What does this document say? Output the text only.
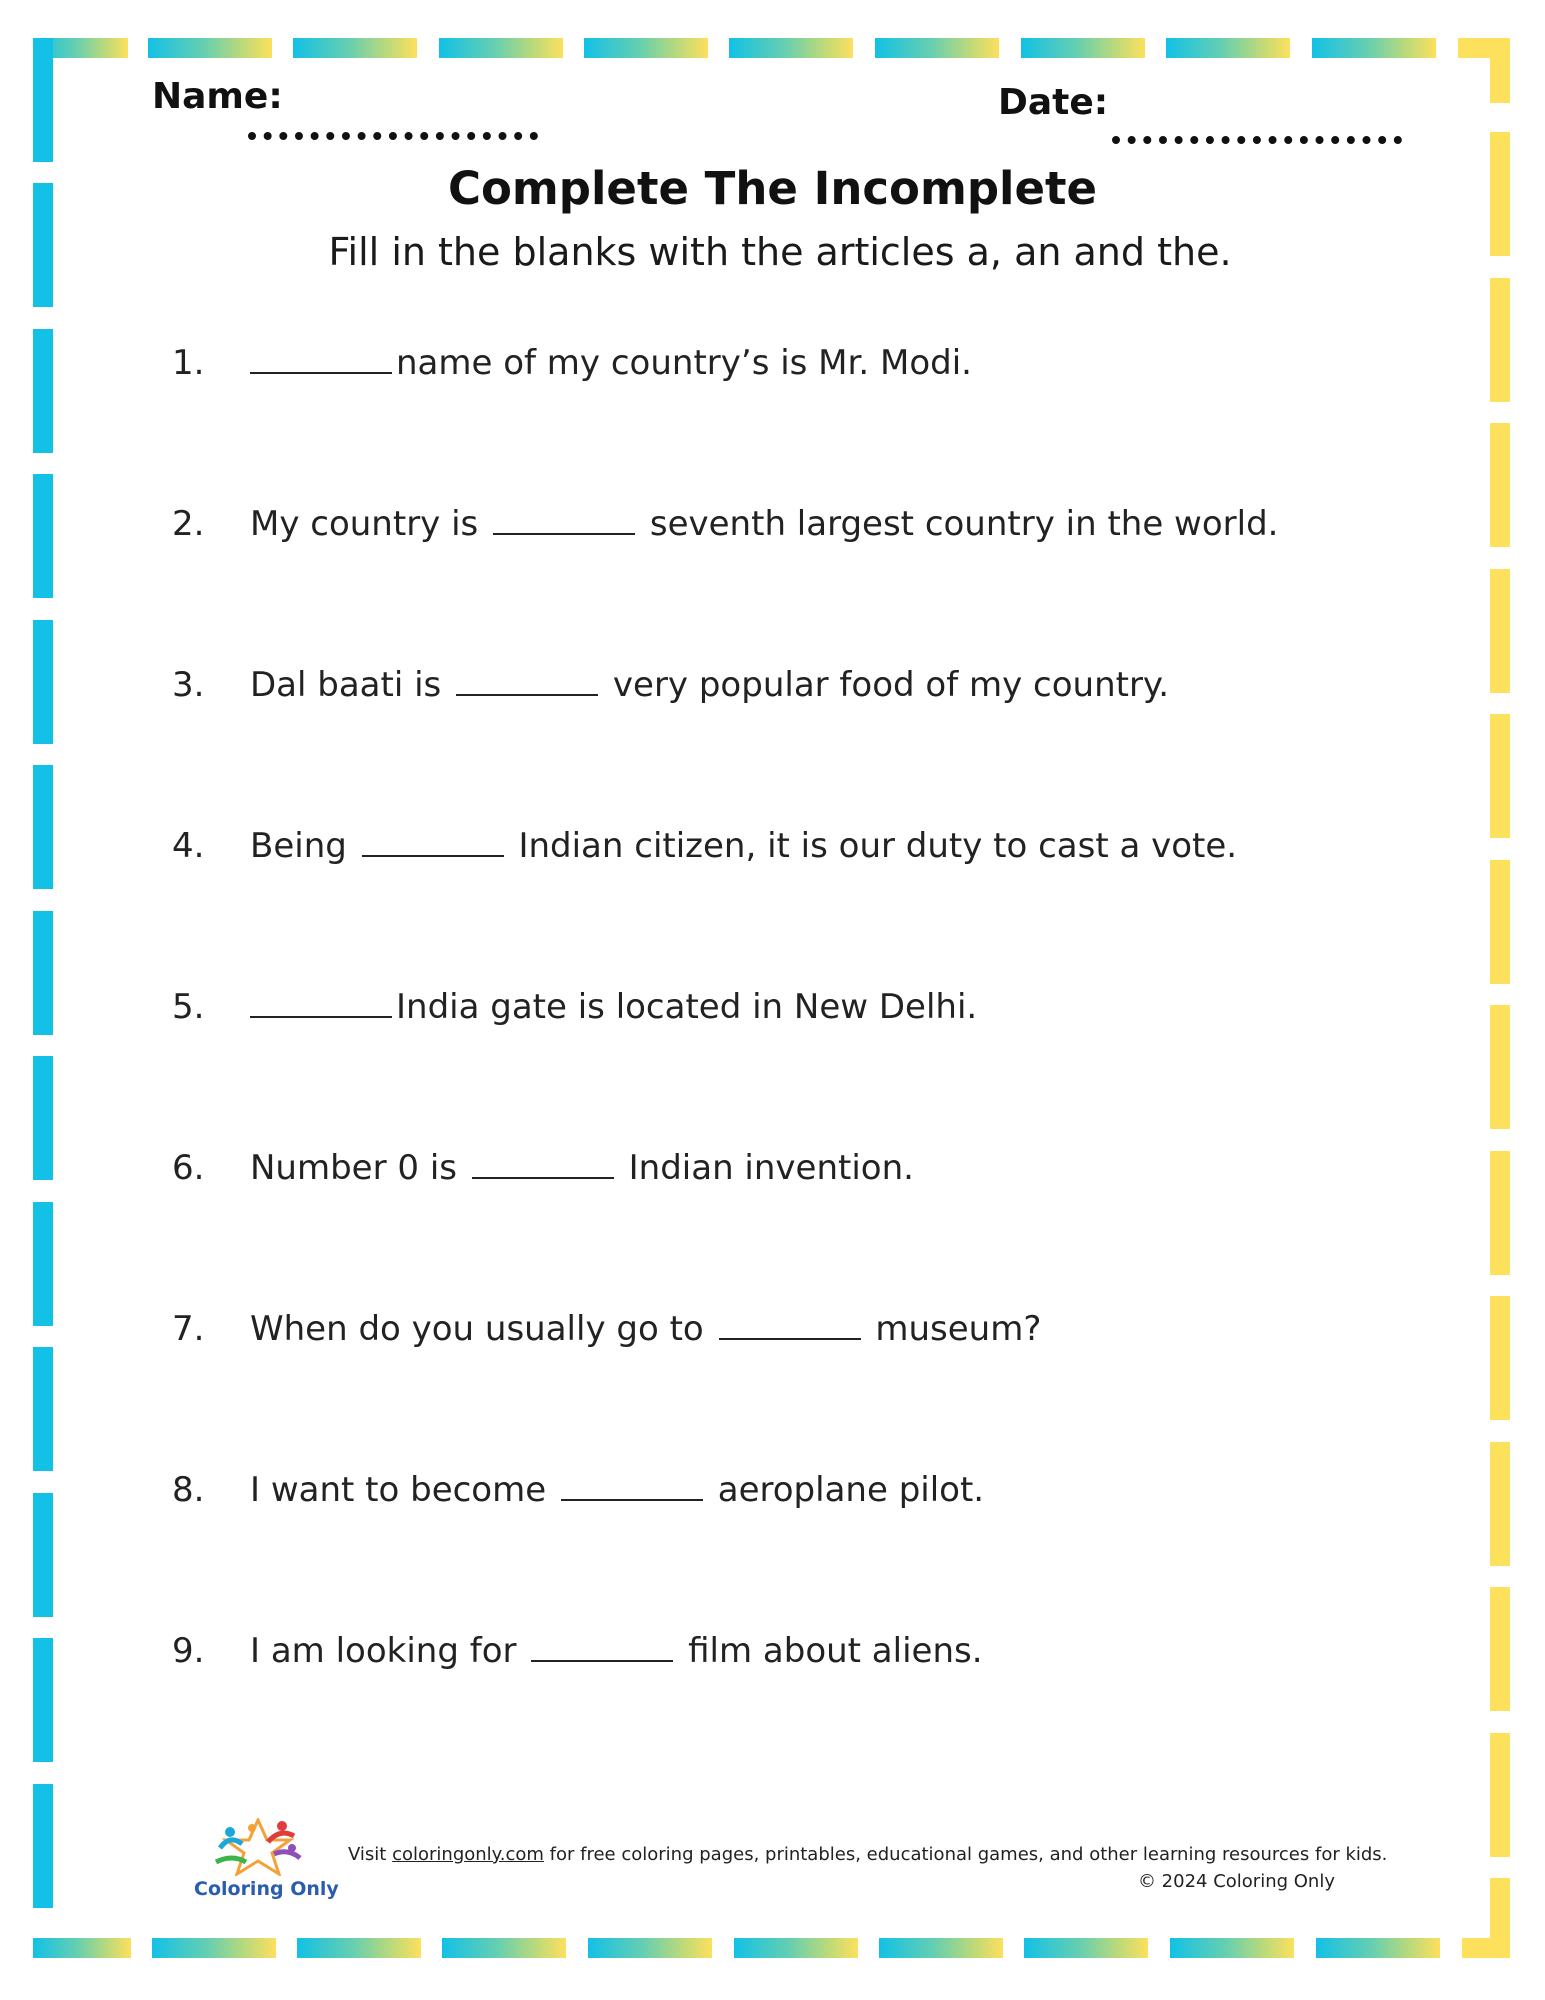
Name:	Date:
Complete The Incomplete
Fill in the blanks with the articles a, an and the.
1.	name of my country’s is Mr. Modi.
2.	My country is	seventh largest country in the world.
3.	Dal baati is	very popular food of my country.
4.	Being	Indian citizen, it is our duty to cast a vote.
5.	India gate is located in New Delhi.
6.	Number 0 is	Indian invention.
7.	When do you usually go to	museum?
8.	I want to become	aeroplane pilot.
9.	I am looking for	film about aliens.
Coloring Only
Visit coloringonly.com for free coloring pages, printables, educational games, and other learning resources for kids.
© 2024 Coloring Only
